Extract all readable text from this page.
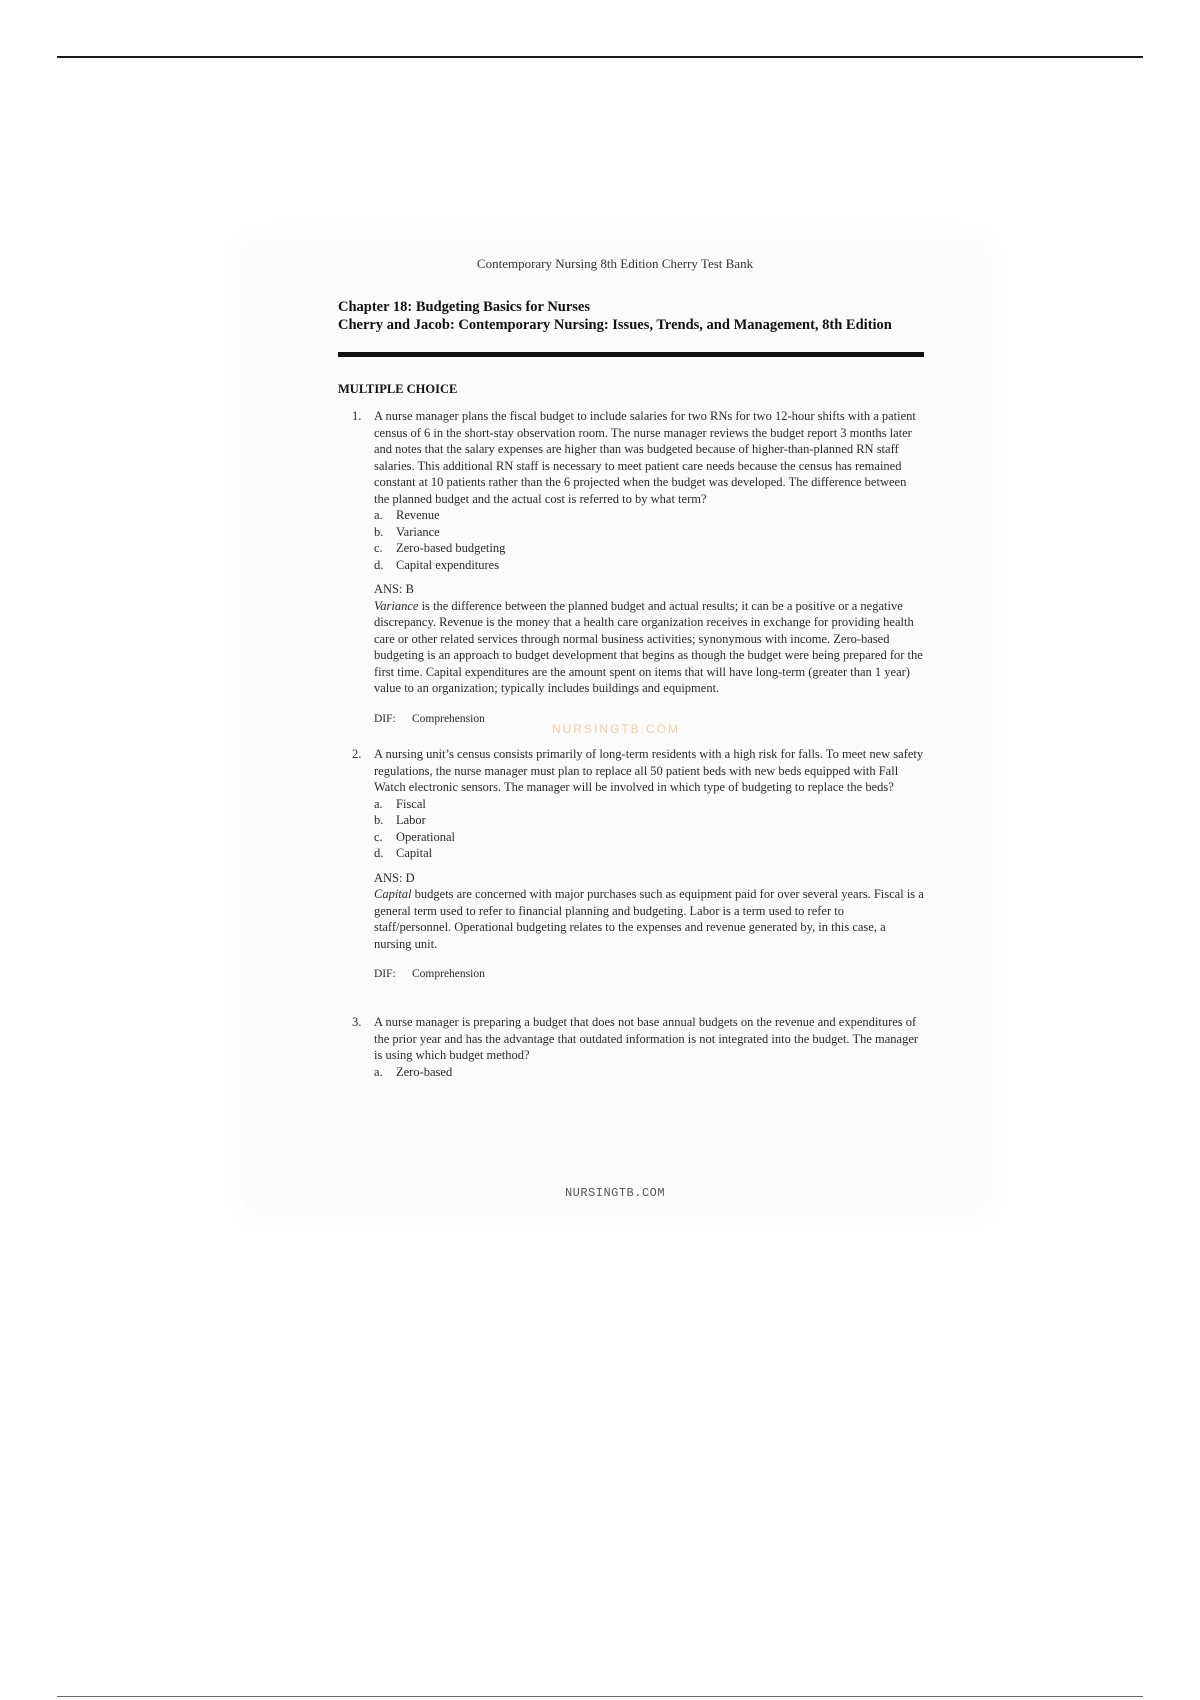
Contemporary Nursing 8th Edition Cherry Test Bank
Chapter 18: Budgeting Basics for Nurses
Cherry and Jacob: Contemporary Nursing: Issues, Trends, and Management, 8th Edition
MULTIPLE CHOICE
1.	A nurse manager plans the fiscal budget to include salaries for two RNs for two 12-hour shifts with a patient census of 6 in the short-stay observation room. The nurse manager reviews the budget report 3 months later and notes that the salary expenses are higher than was budgeted because of higher-than-planned RN staff salaries. This additional RN staff is necessary to meet patient care needs because the census has remained constant at 10 patients rather than the 6 projected when the budget was developed. The difference between the planned budget and the actual cost is referred to by what term?
a. Revenue
b. Variance
c. Zero-based budgeting
d. Capital expenditures
ANS: B
Variance is the difference between the planned budget and actual results; it can be a positive or a negative discrepancy. Revenue is the money that a health care organization receives in exchange for providing health care or other related services through normal business activities; synonymous with income. Zero-based budgeting is an approach to budget development that begins as though the budget were being prepared for the first time. Capital expenditures are the amount spent on items that will have long-term (greater than 1 year) value to an organization; typically includes buildings and equipment.
DIF: Comprehension
2.	A nursing unit’s census consists primarily of long-term residents with a high risk for falls. To meet new safety regulations, the nurse manager must plan to replace all 50 patient beds with new beds equipped with Fall Watch electronic sensors. The manager will be involved in which type of budgeting to replace the beds?
a. Fiscal
b. Labor
c. Operational
d. Capital
ANS: D
Capital budgets are concerned with major purchases such as equipment paid for over several years. Fiscal is a general term used to refer to financial planning and budgeting. Labor is a term used to refer to staff/personnel. Operational budgeting relates to the expenses and revenue generated by, in this case, a nursing unit.
DIF: Comprehension
3.	A nurse manager is preparing a budget that does not base annual budgets on the revenue and expenditures of the prior year and has the advantage that outdated information is not integrated into the budget. The manager is using which budget method?
a. Zero-based
NURSINGTB.COM
NURSINGTB.COM
